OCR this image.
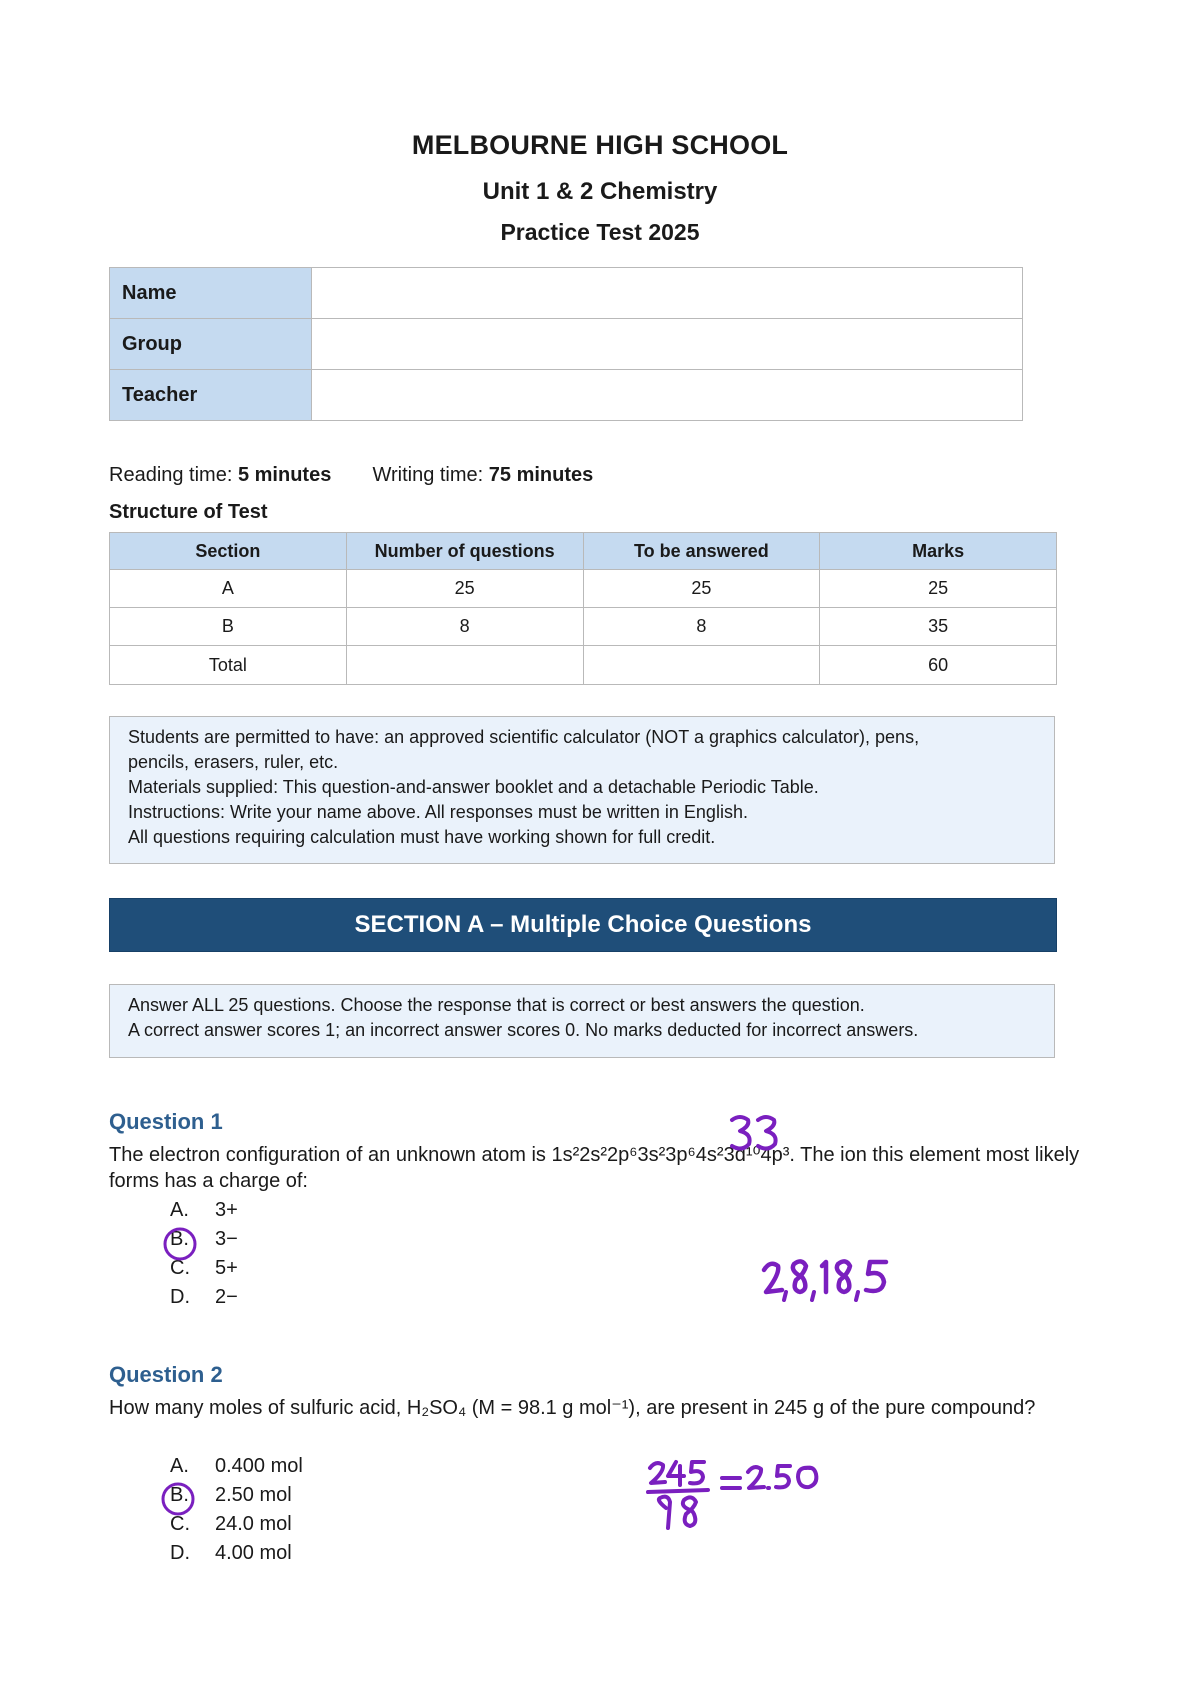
MELBOURNE HIGH SCHOOL
Unit 1 & 2 Chemistry
Practice Test 2025
Name	
Group	
Teacher	
Reading time: 5 minutes Writing time: 75 minutes
Structure of Test
Section	Number of questions	To be answered	Marks
A	25	25	25
B	8	8	35
Total			60
Students are permitted to have: an approved scientific calculator (NOT a graphics calculator), pens,
pencils, erasers, ruler, etc.
Materials supplied: This question-and-answer booklet and a detachable Periodic Table.
Instructions: Write your name above. All responses must be written in English.
All questions requiring calculation must have working shown for full credit.
SECTION A – Multiple Choice Questions
Answer ALL 25 questions. Choose the response that is correct or best answers the question.
A correct answer scores 1; an incorrect answer scores 0. No marks deducted for incorrect answers.
Question 1
The electron configuration of an unknown atom is 1s²2s²2p⁶3s²3p⁶4s²3d¹⁰4p³. The ion this element most likely forms has a charge of:
A. 3+
B. 3−
C. 5+
D. 2−
Question 2
How many moles of sulfuric acid, H₂SO₄ (M = 98.1 g mol⁻¹), are present in 245 g of the pure compound?
A. 0.400 mol
B. 2.50 mol
C. 24.0 mol
D. 4.00 mol
